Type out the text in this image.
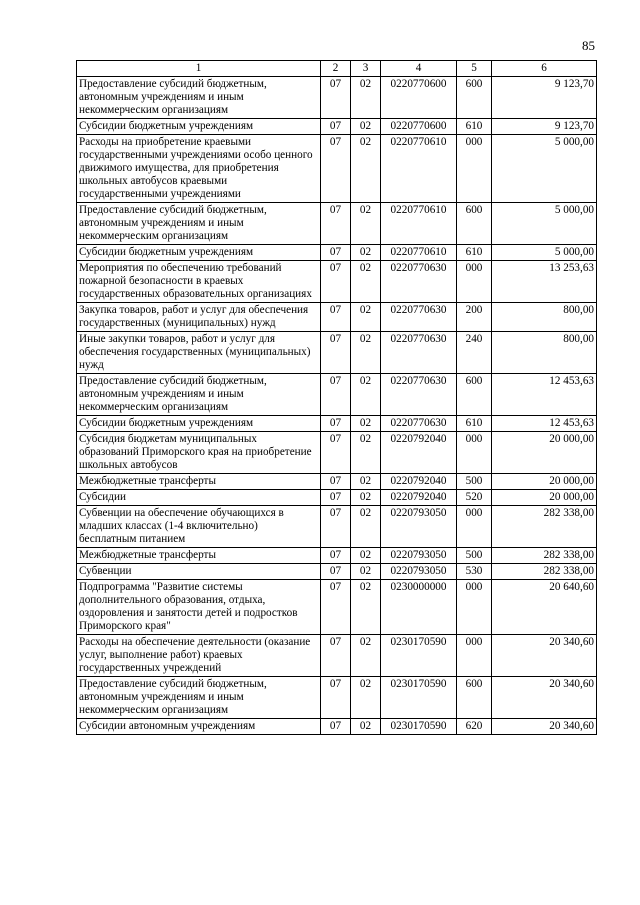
85
1	2	3	4	5	6
Предоставление субсидий бюджетным, автономным учреждениям и иным некоммерческим организациям	07	02	0220770600	600	9 123,70
Субсидии бюджетным учреждениям	07	02	0220770600	610	9 123,70
Расходы на приобретение краевыми государственными учреждениями особо ценного движимого имущества, для приобретения школьных автобусов краевыми государственными учреждениями	07	02	0220770610	000	5 000,00
Предоставление субсидий бюджетным, автономным учреждениям и иным некоммерческим организациям	07	02	0220770610	600	5 000,00
Субсидии бюджетным учреждениям	07	02	0220770610	610	5 000,00
Мероприятия по обеспечению требований пожарной безопасности в краевых государственных образовательных организациях	07	02	0220770630	000	13 253,63
Закупка товаров, работ и услуг для обеспечения государственных (муниципальных) нужд	07	02	0220770630	200	800,00
Иные закупки товаров, работ и услуг для обеспечения государственных (муниципальных) нужд	07	02	0220770630	240	800,00
Предоставление субсидий бюджетным, автономным учреждениям и иным некоммерческим организациям	07	02	0220770630	600	12 453,63
Субсидии бюджетным учреждениям	07	02	0220770630	610	12 453,63
Субсидия бюджетам муниципальных образований Приморского края на приобретение школьных автобусов	07	02	0220792040	000	20 000,00
Межбюджетные трансферты	07	02	0220792040	500	20 000,00
Субсидии	07	02	0220792040	520	20 000,00
Субвенции на обеспечение обучающихся в младших классах (1-4 включительно) бесплатным питанием	07	02	0220793050	000	282 338,00
Межбюджетные трансферты	07	02	0220793050	500	282 338,00
Субвенции	07	02	0220793050	530	282 338,00
Подпрограмма "Развитие системы дополнительного образования, отдыха, оздоровления и занятости детей и подростков Приморского края"	07	02	0230000000	000	20 640,60
Расходы на обеспечение деятельности (оказание услуг, выполнение работ) краевых государственных учреждений	07	02	0230170590	000	20 340,60
Предоставление субсидий бюджетным, автономным учреждениям и иным некоммерческим организациям	07	02	0230170590	600	20 340,60
Субсидии автономным учреждениям	07	02	0230170590	620	20 340,60
